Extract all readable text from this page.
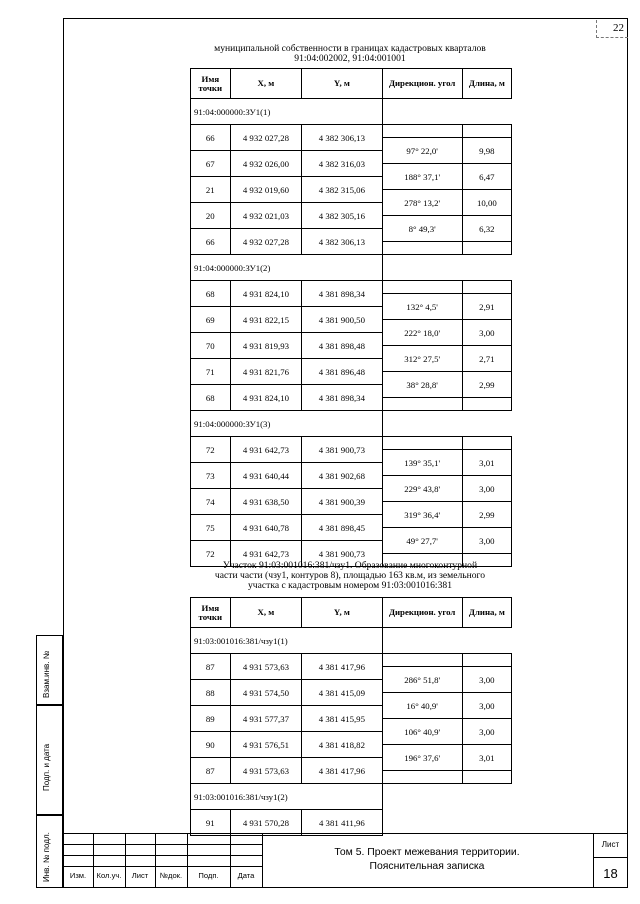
22
муниципальной собственности в границах кадастровых кварталов
91:04:002002, 91:04:001001
Имя точки	X, м	Y, м	Дирекцион. угол	Длина, м
91:04:000000:ЗУ1(1)				
66	4 932 027,28	4 382 306,13		
			97° 22,0'	9,98
67	4 932 026,00	4 382 316,03		
			188° 37,1'	6,47
21	4 932 019,60	4 382 315,06		
			278° 13,2'	10,00
20	4 932 021,03	4 382 305,16		
			8° 49,3'	6,32
66	4 932 027,28	4 382 306,13		

91:04:000000:ЗУ1(2)				
68	4 931 824,10	4 381 898,34		
			132° 4,5'	2,91
69	4 931 822,15	4 381 900,50		
			222° 18,0'	3,00
70	4 931 819,93	4 381 898,48		
			312° 27,5'	2,71
71	4 931 821,76	4 381 896,48		
			38° 28,8'	2,99
68	4 931 824,10	4 381 898,34		

91:04:000000:ЗУ1(3)				
72	4 931 642,73	4 381 900,73		
			139° 35,1'	3,01
73	4 931 640,44	4 381 902,68		
			229° 43,8'	3,00
74	4 931 638,50	4 381 900,39		
			319° 36,4'	2,99
75	4 931 640,78	4 381 898,45		
			49° 27,7'	3,00
72	4 931 642,73	4 381 900,73		

Участок 91:03:001016:381/чзу1. Образование многоконтурной
части части (чзу1, контуров 8), площадью 163 кв.м, из земельного
участка с кадастровым номером 91:03:001016:381
Имя точки	X, м	Y, м	Дирекцион. угол	Длина, м
91:03:001016:381/чзу1(1)				
87	4 931 573,63	4 381 417,96		
			286° 51,8'	3,00
88	4 931 574,50	4 381 415,09		
			16° 40,9'	3,00
89	4 931 577,37	4 381 415,95		
			106° 40,9'	3,00
90	4 931 576,51	4 381 418,82		
			196° 37,6'	3,01
87	4 931 573,63	4 381 417,96		

91:03:001016:381/чзу1(2)				
91	4 931 570,28	4 381 411,96		

Взам.инв. №
Подп. и дата
Инв. № подл.	Изм.	Кол.уч.	Лист	№док.	Подп.	Дата
Том 5. Проект межевания территории.
Пояснительная записка
Лист
18
